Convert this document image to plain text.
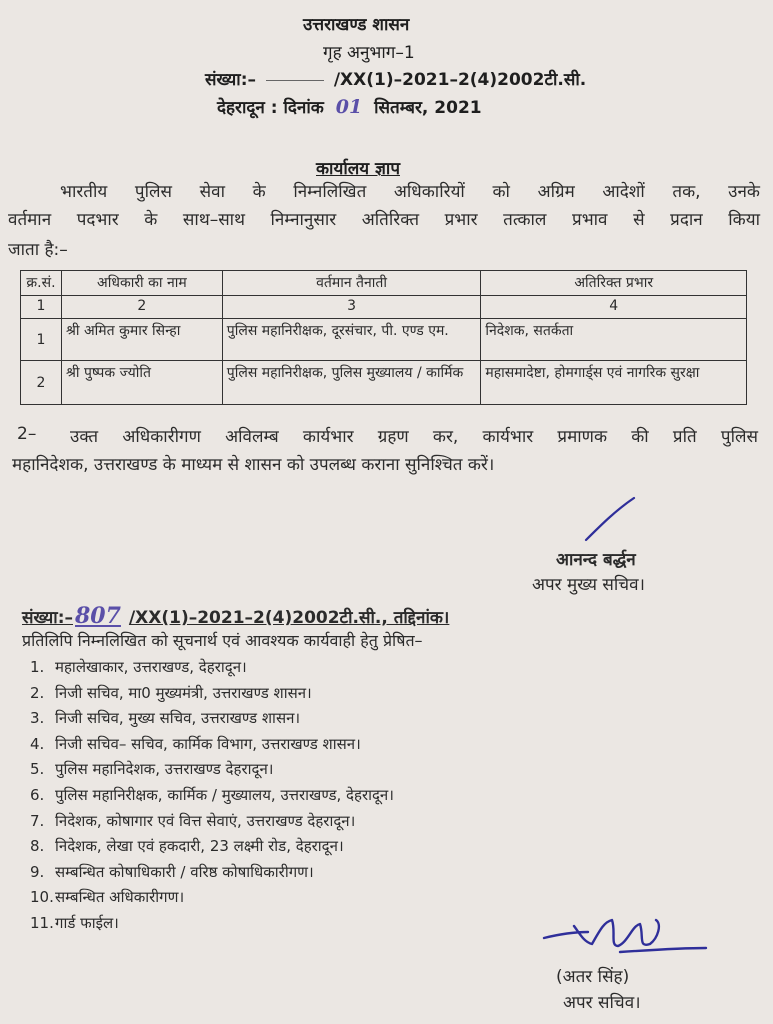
उत्तराखण्ड शासन
गृह अनुभाग–1
संख्या:–	/XX(1)–2021–2(4)2002टी.सी.
देहरादून : दिनांक 01 सितम्बर, 2021
कार्यालय ज्ञाप
भारतीय पुलिस सेवा के निम्नलिखित अधिकारियों को अग्रिम आदेशों तक, उनके
वर्तमान पदभार के साथ–साथ निम्नानुसार अतिरिक्त प्रभार तत्काल प्रभाव से प्रदान किया
जाता है:–
क्र.सं.	अधिकारी का नाम	वर्तमान तैनाती	अतिरिक्त प्रभार
1	2	3	4
1	श्री अमित कुमार सिन्हा	पुलिस महानिरीक्षक, दूरसंचार, पी. एण्ड एम.	निदेशक, सतर्कता
2	श्री पुष्पक ज्योति	पुलिस महानिरीक्षक, पुलिस मुख्यालय / कार्मिक	महासमादेष्टा, होमगार्ड्स एवं नागरिक सुरक्षा
2– उक्त अधिकारीगण अविलम्ब कार्यभार ग्रहण कर, कार्यभार प्रमाणक की प्रति पुलिस
महानिदेशक, उत्तराखण्ड के माध्यम से शासन को उपलब्ध कराना सुनिश्चित करें।
आनन्द बर्द्धन
अपर मुख्य सचिव।
संख्या:–807 /XX(1)–2021–2(4)2002टी.सी., तद्दिनांक।
प्रतिलिपि निम्नलिखित को सूचनार्थ एवं आवश्यक कार्यवाही हेतु प्रेषित–
1. महालेखाकार, उत्तराखण्ड, देहरादून।
2. निजी सचिव, मा0 मुख्यमंत्री, उत्तराखण्ड शासन।
3. निजी सचिव, मुख्य सचिव, उत्तराखण्ड शासन।
4. निजी सचिव– सचिव, कार्मिक विभाग, उत्तराखण्ड शासन।
5. पुलिस महानिदेशक, उत्तराखण्ड देहरादून।
6. पुलिस महानिरीक्षक, कार्मिक / मुख्यालय, उत्तराखण्ड, देहरादून।
7. निदेशक, कोषागार एवं वित्त सेवाएं, उत्तराखण्ड देहरादून।
8. निदेशक, लेखा एवं हकदारी, 23 लक्ष्मी रोड, देहरादून।
9. सम्बन्धित कोषाधिकारी / वरिष्ठ कोषाधिकारीगण।
10.सम्बन्धित अधिकारीगण।
11.गार्ड फाईल।
(अतर सिंह)
अपर सचिव।
